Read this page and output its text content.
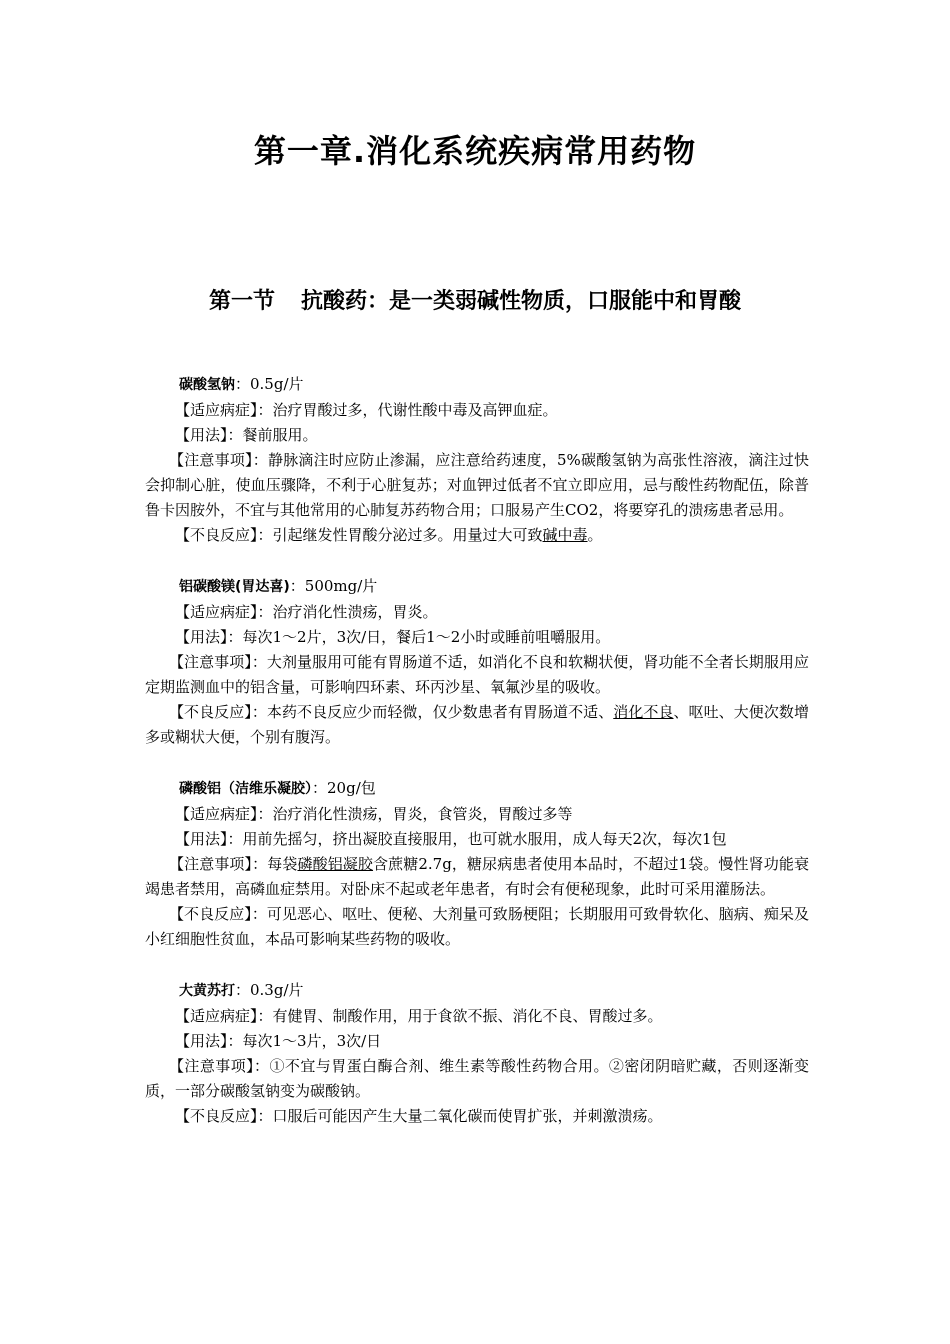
第一章.消化系统疾病常用药物
第一节 抗酸药：是一类弱碱性物质，口服能中和胃酸

碳酸氢钠：0.5g/片

【适应病症】：治疗胃酸过多，代谢性酸中毒及高钾血症。

【用法】：餐前服用。

【注意事项】：静脉滴注时应防止渗漏，应注意给药速度，5%碳酸氢钠为高张性溶液，滴注过快会抑制心脏，使血压骤降，不利于心脏复苏；对血钾过低者不宜立即应用，忌与酸性药物配伍，除普鲁卡因胺外，不宜与其他常用的心肺复苏药物合用；口服易产生CO2，将要穿孔的溃疡患者忌用。

【不良反应】：引起继发性胃酸分泌过多。用量过大可致碱中毒。

铝碳酸镁(胃达喜)：500mg/片

【适应病症】：治疗消化性溃疡，胃炎。

【用法】：每次1～2片，3次/日，餐后1～2小时或睡前咀嚼服用。

【注意事项】：大剂量服用可能有胃肠道不适，如消化不良和软糊状便，肾功能不全者长期服用应定期监测血中的铝含量，可影响四环素、环丙沙星、氧氟沙星的吸收。

【不良反应】：本药不良反应少而轻微，仅少数患者有胃肠道不适、消化不良、呕吐、大便次数增多或糊状大便，个别有腹泻。

磷酸铝（洁维乐凝胶）：20g/包

【适应病症】：治疗消化性溃疡，胃炎，食管炎，胃酸过多等

【用法】：用前先摇匀，挤出凝胶直接服用，也可就水服用，成人每天2次，每次1包

【注意事项】：每袋磷酸铝凝胶含蔗糖2.7g，糖尿病患者使用本品时，不超过1袋。慢性肾功能衰竭患者禁用，高磷血症禁用。对卧床不起或老年患者，有时会有便秘现象，此时可采用灌肠法。

【不良反应】：可见恶心、呕吐、便秘、大剂量可致肠梗阻；长期服用可致骨软化、脑病、痴呆及小红细胞性贫血，本品可影响某些药物的吸收。

大黄苏打：0.3g/片

【适应病症】：有健胃、制酸作用，用于食欲不振、消化不良、胃酸过多。

【用法】：每次1～3片，3次/日

【注意事项】：①不宜与胃蛋白酶合剂、维生素等酸性药物合用。②密闭阴暗贮藏，否则逐渐变质，一部分碳酸氢钠变为碳酸钠。

【不良反应】：口服后可能因产生大量二氧化碳而使胃扩张，并刺激溃疡。
